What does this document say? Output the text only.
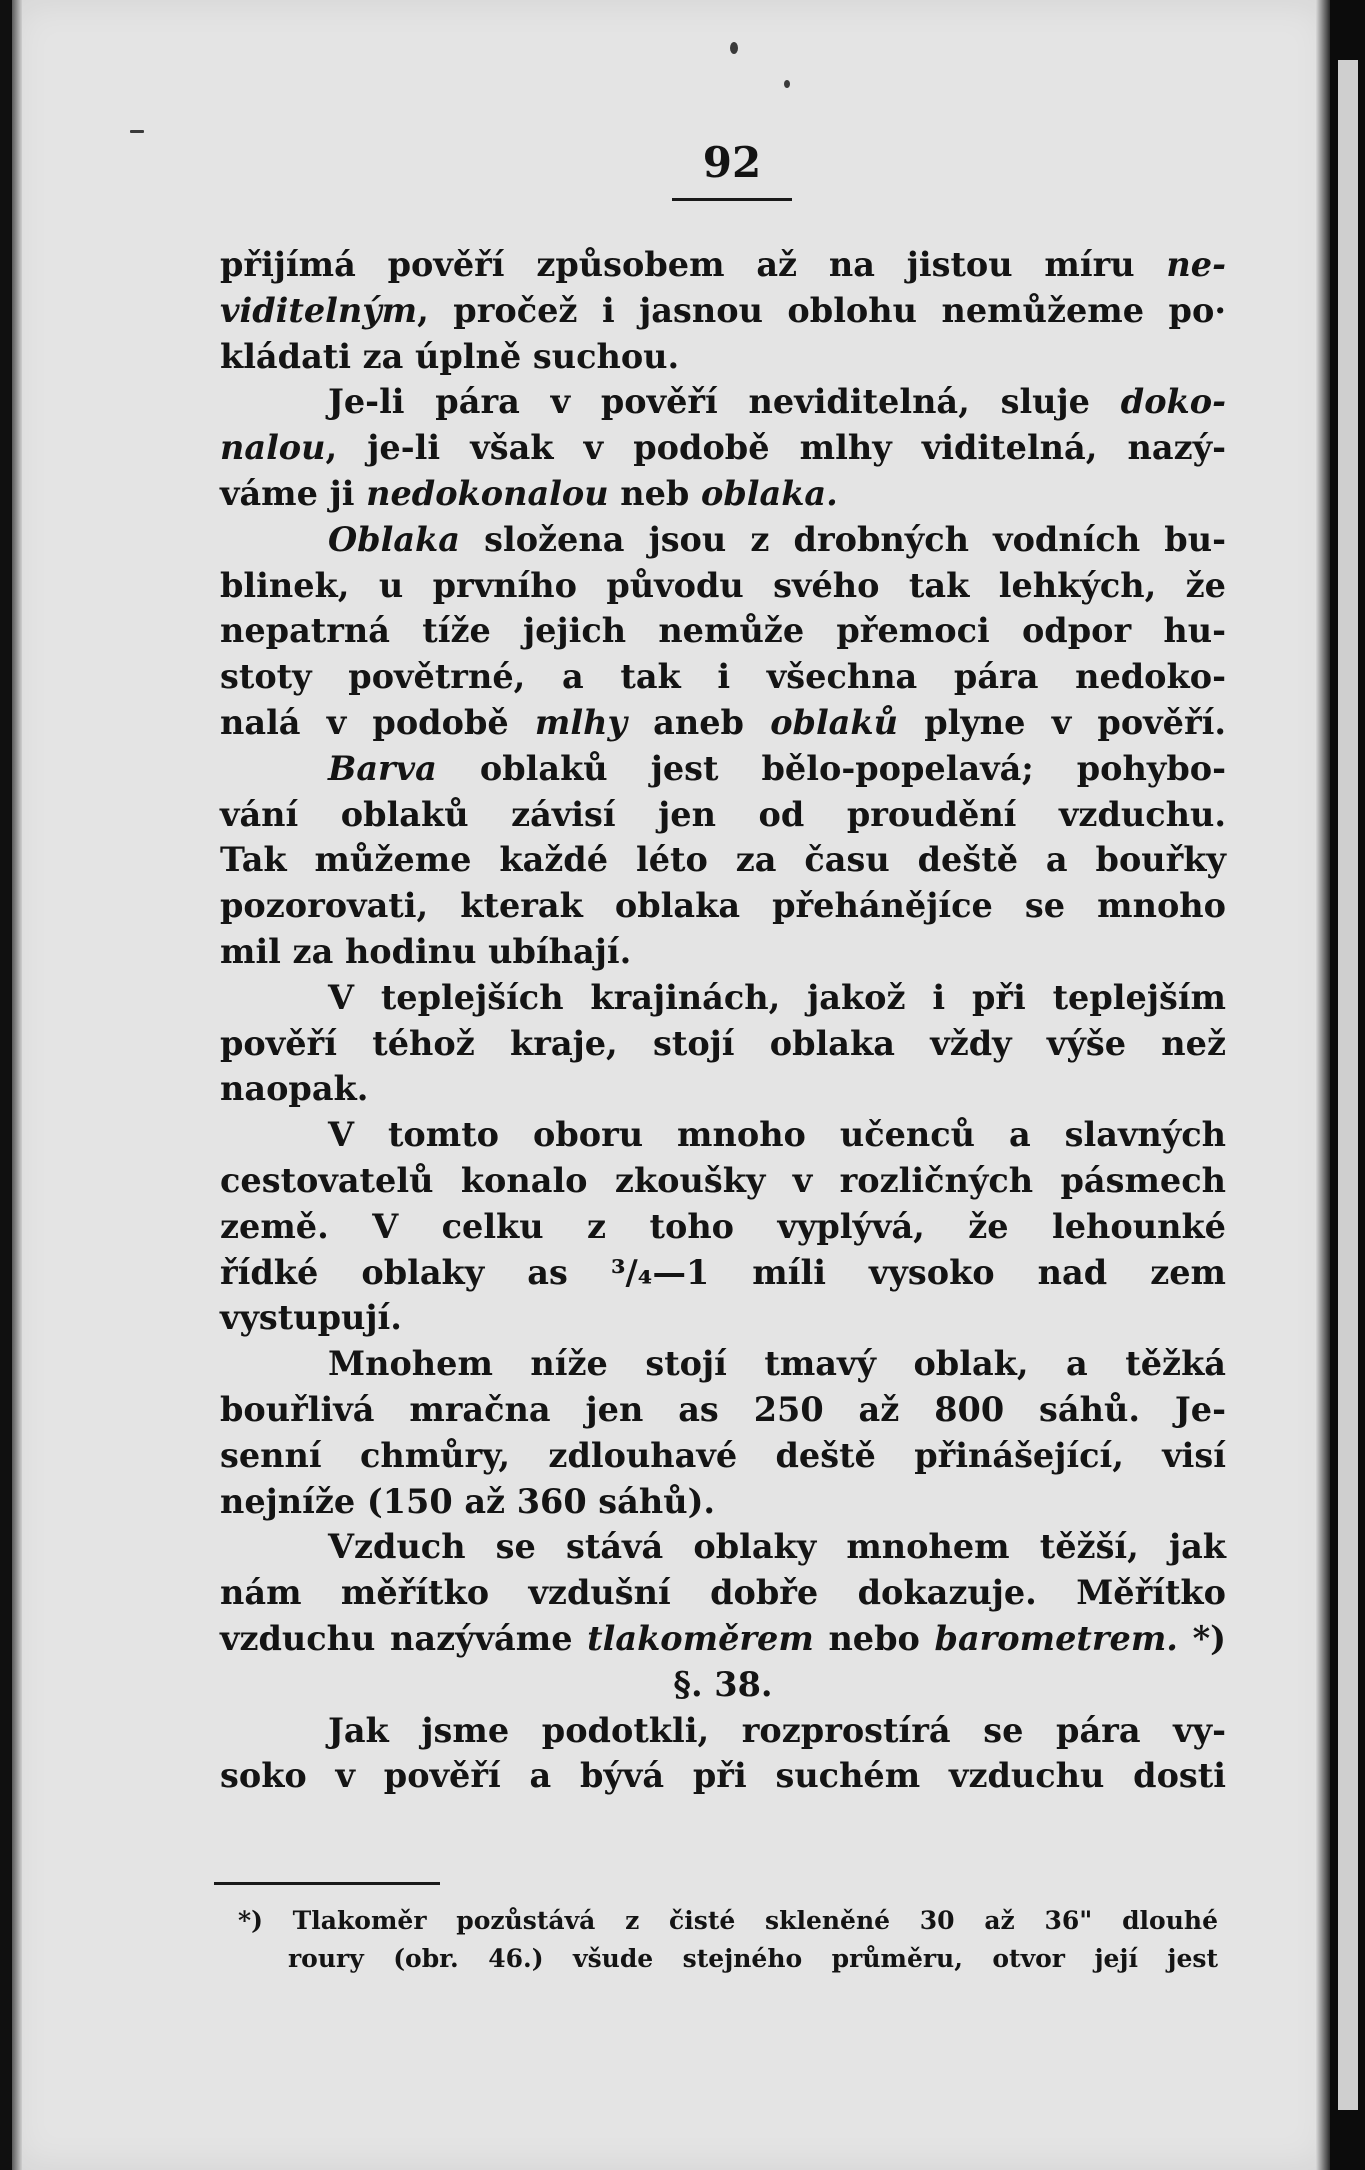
92
přijímá pověří způsobem až na jistou míru ne-
viditelným, pročež i jasnou oblohu nemůžeme po·
kládati za úplně suchou.
Je-li pára v pověří neviditelná, sluje doko-
nalou, je-li však v podobě mlhy viditelná, nazý-
váme ji nedokonalou neb oblaka.
Oblaka složena jsou z drobných vodních bu-
blinek, u prvního původu svého tak lehkých, že
nepatrná tíže jejich nemůže přemoci odpor hu-
stoty povětrné, a tak i všechna pára nedoko-
nalá v podobě mlhy aneb oblaků plyne v pověří.
Barva oblaků jest bělo-popelavá; pohybo-
vání oblaků závisí jen od proudění vzduchu.
Tak můžeme každé léto za času deště a bouřky
pozorovati, kterak oblaka přehánějíce se mnoho
mil za hodinu ubíhají.
V teplejších krajinách, jakož i při teplejším
pověří téhož kraje, stojí oblaka vždy výše než
naopak.
V tomto oboru mnoho učenců a slavných
cestovatelů konalo zkoušky v rozličných pásmech
země. V celku z toho vyplývá, že lehounké
řídké oblaky as ³/₄—1 míli vysoko nad zem
vystupují.
Mnohem níže stojí tmavý oblak, a těžká
bouřlivá mračna jen as 250 až 800 sáhů. Je-
senní chmůry, zdlouhavé deště přinášející, visí
nejníže (150 až 360 sáhů).
Vzduch se stává oblaky mnohem těžší, jak
nám měřítko vzdušní dobře dokazuje. Měřítko
vzduchu nazýváme tlakoměrem nebo barometrem. *)
§. 38.
Jak jsme podotkli, rozprostírá se pára vy-
soko v pověří a bývá při suchém vzduchu dosti
*) Tlakoměr pozůstává z čisté skleněné 30 až 36" dlouhé
roury (obr. 46.) všude stejného průměru, otvor její jest
